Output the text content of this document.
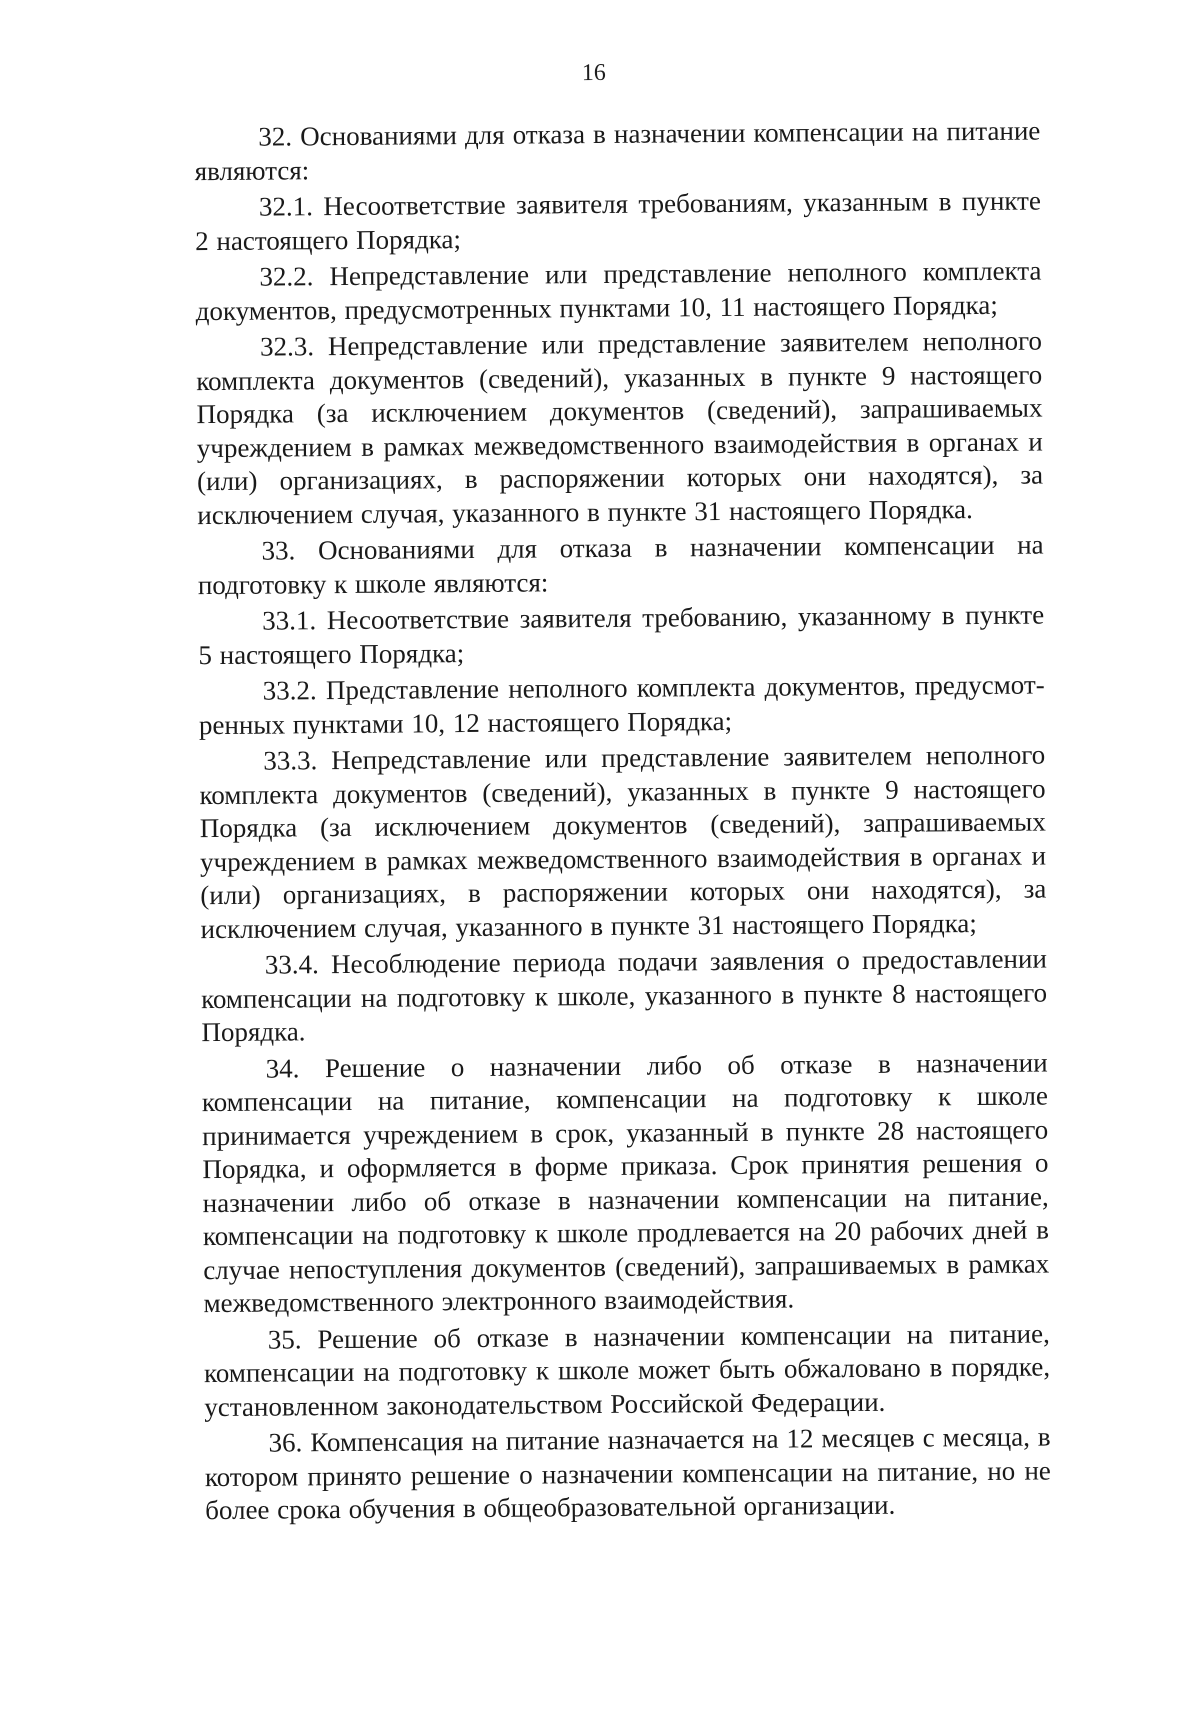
16

32. Основаниями для отказа в назначении компенсации на питание являются:

32.1. Несоответствие заявителя требованиям, указанным в пункте 2 настоящего Порядка;

32.2. Непредставление или представление неполного комплекта документов, предусмотренных пунктами 10, 11 настоящего Порядка;

32.3. Непредставление или представление заявителем неполного комплекта документов (сведений), указанных в пункте 9 настоящего Порядка (за исключением документов (сведений), запрашиваемых учреждением в рамках межведомственного взаимодействия в органах и (или) организациях, в распоряжении которых они находятся), за исключением случая, указанного в пункте 31 настоящего Порядка.

33. Основаниями для отказа в назначении компенсации на подготовку к школе являются:

33.1. Несоответствие заявителя требованию, указанному в пункте 5 настоящего Порядка;

33.2. Представление неполного комплекта документов, предусмотренных пунктами 10, 12 настоящего Порядка;

33.3. Непредставление или представление заявителем неполного комплекта документов (сведений), указанных в пункте 9 настоящего Порядка (за исключением документов (сведений), запрашиваемых учреждением в рамках межведомственного взаимодействия в органах и (или) организациях, в распоряжении которых они находятся), за исключением случая, указанного в пункте 31 настоящего Порядка;

33.4. Несоблюдение периода подачи заявления о предоставлении компенсации на подготовку к школе, указанного в пункте 8 настоящего Порядка.

34. Решение о назначении либо об отказе в назначении компенсации на питание, компенсации на подготовку к школе принимается учреждением в срок, указанный в пункте 28 настоящего Порядка, и оформляется в форме приказа. Срок принятия решения о назначении либо об отказе в назначении компенсации на питание, компенсации на подготовку к школе продлевается на 20 рабочих дней в случае непоступления документов (сведений), запрашиваемых в рамках межведомственного электронного взаимодействия.

35. Решение об отказе в назначении компенсации на питание, компенсации на подготовку к школе может быть обжаловано в порядке, установленном законодательством Российской Федерации.

36. Компенсация на питание назначается на 12 месяцев с месяца, в котором принято решение о назначении компенсации на питание, но не более срока обучения в общеобразовательной организации.
